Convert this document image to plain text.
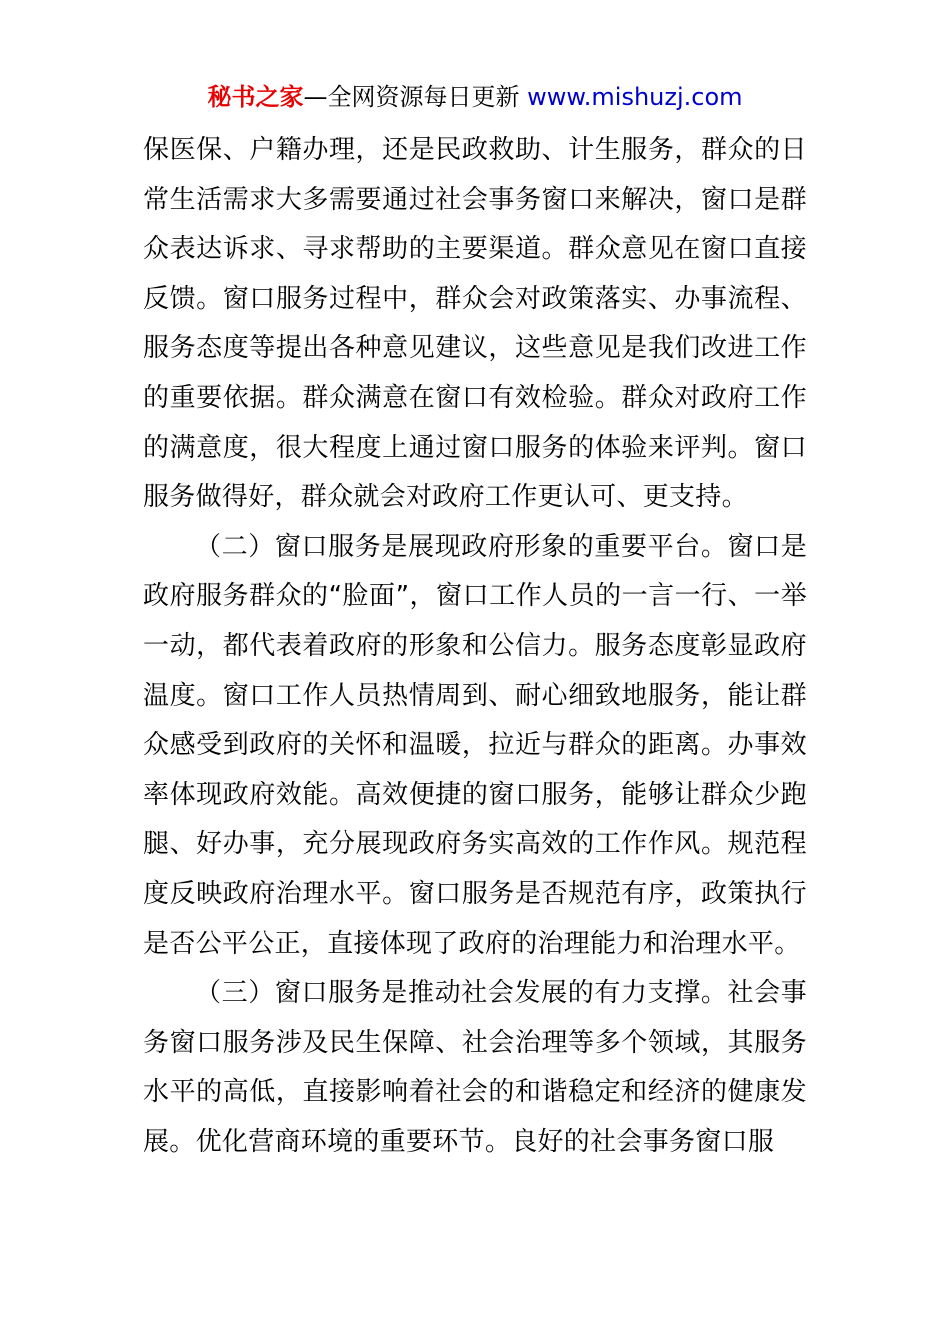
秘书之家—全网资源每日更新 www.mishuzj.com

保医保、户籍办理，还是民政救助、计生服务，群众的日常生活需求大多需要通过社会事务窗口来解决，窗口是群众表达诉求、寻求帮助的主要渠道。群众意见在窗口直接反馈。窗口服务过程中，群众会对政策落实、办事流程、服务态度等提出各种意见建议，这些意见是我们改进工作的重要依据。群众满意在窗口有效检验。群众对政府工作的满意度，很大程度上通过窗口服务的体验来评判。窗口服务做得好，群众就会对政府工作更认可、更支持。

（二）窗口服务是展现政府形象的重要平台。窗口是政府服务群众的“脸面”，窗口工作人员的一言一行、一举一动，都代表着政府的形象和公信力。服务态度彰显政府温度。窗口工作人员热情周到、耐心细致地服务，能让群众感受到政府的关怀和温暖，拉近与群众的距离。办事效率体现政府效能。高效便捷的窗口服务，能够让群众少跑腿、好办事，充分展现政府务实高效的工作作风。规范程度反映政府治理水平。窗口服务是否规范有序，政策执行是否公平公正，直接体现了政府的治理能力和治理水平。

（三）窗口服务是推动社会发展的有力支撑。社会事务窗口服务涉及民生保障、社会治理等多个领域，其服务水平的高低，直接影响着社会的和谐稳定和经济的健康发展。优化营商环境的重要环节。良好的社会事务窗口服
